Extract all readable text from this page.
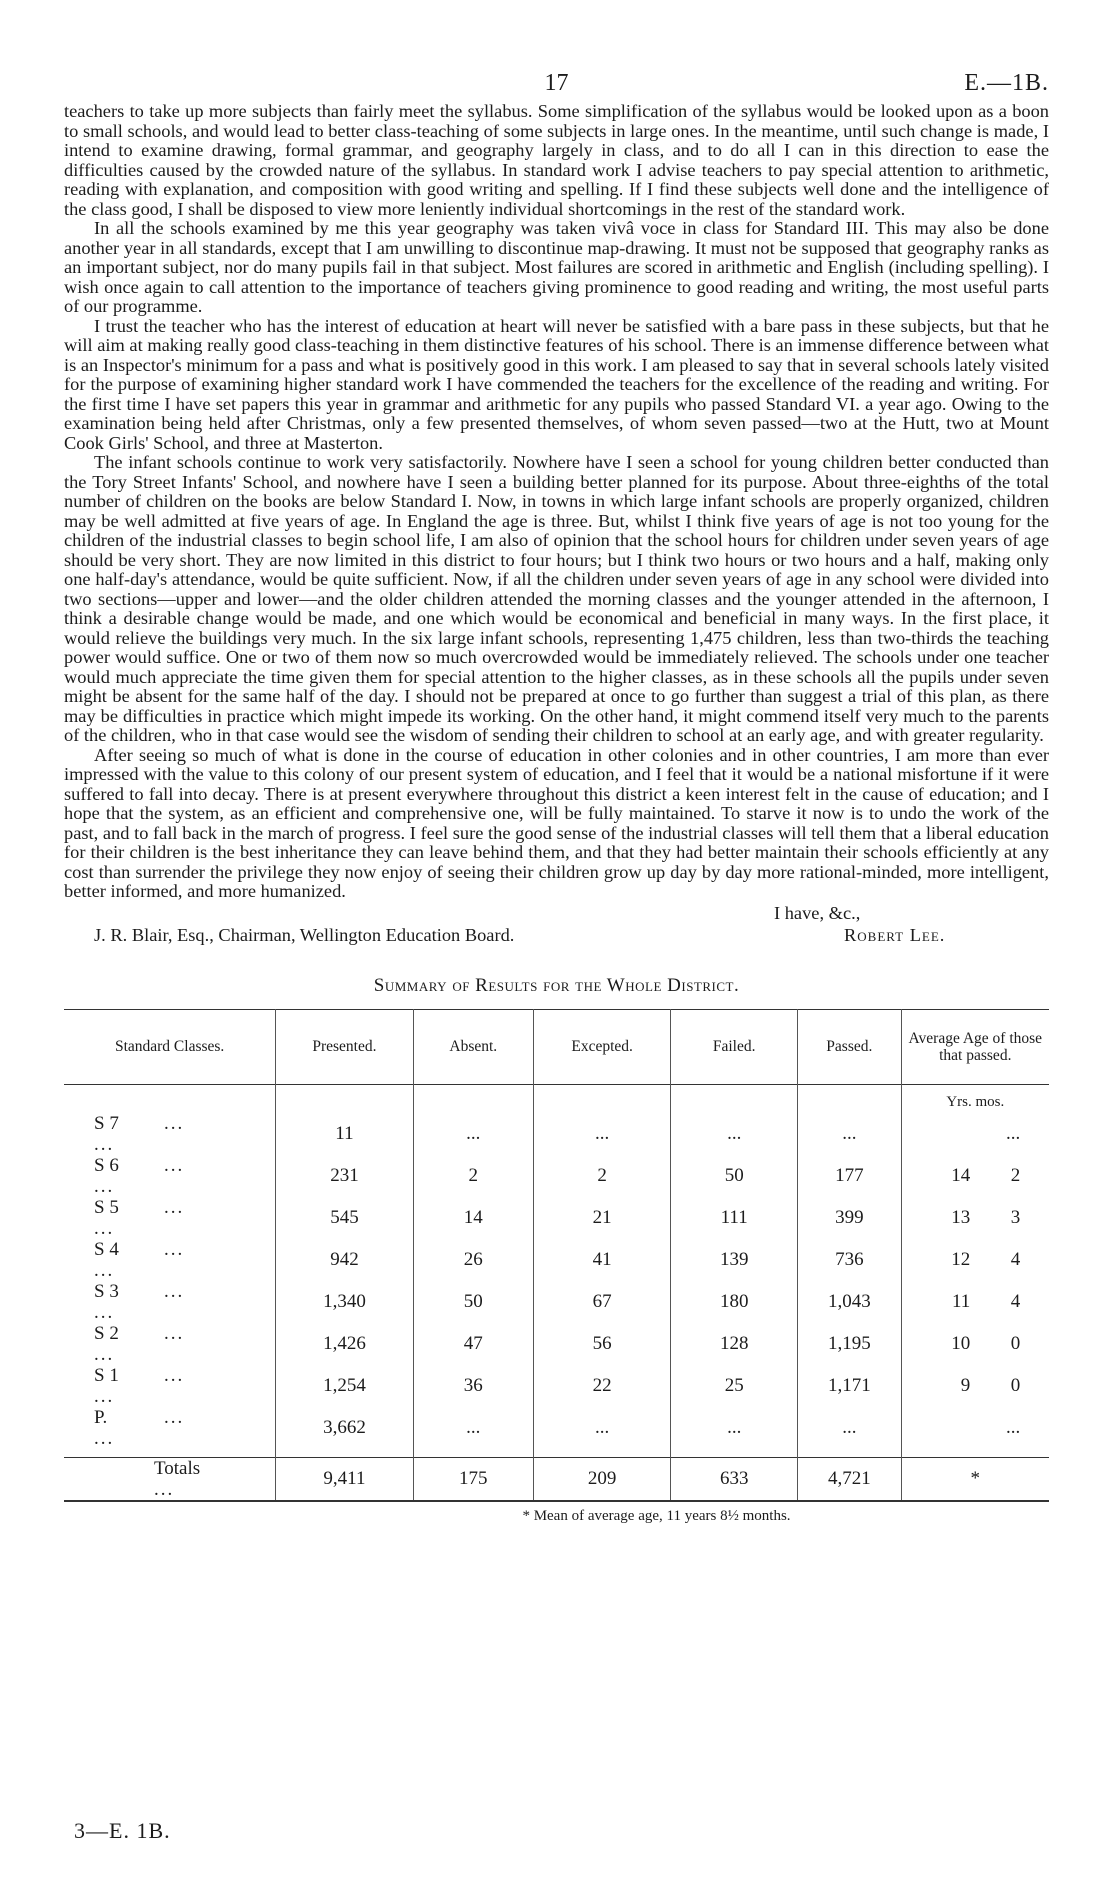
17	E.—1B.

teachers to take up more subjects than fairly meet the syllabus. Some simplification of the syllabus would be looked upon as a boon to small schools, and would lead to better class-teaching of some subjects in large ones. In the meantime, until such change is made, I intend to examine drawing, formal grammar, and geography largely in class, and to do all I can in this direction to ease the difficulties caused by the crowded nature of the syllabus. In standard work I advise teachers to pay special attention to arithmetic, reading with explanation, and composition with good writing and spelling. If I find these subjects well done and the intelligence of the class good, I shall be disposed to view more leniently individual shortcomings in the rest of the standard work.

In all the schools examined by me this year geography was taken vivâ voce in class for Standard III. This may also be done another year in all standards, except that I am unwilling to discontinue map-drawing. It must not be supposed that geography ranks as an important subject, nor do many pupils fail in that subject. Most failures are scored in arithmetic and English (including spelling). I wish once again to call attention to the importance of teachers giving prominence to good reading and writing, the most useful parts of our programme.

I trust the teacher who has the interest of education at heart will never be satisfied with a bare pass in these subjects, but that he will aim at making really good class-teaching in them distinctive features of his school. There is an immense difference between what is an Inspector's minimum for a pass and what is positively good in this work. I am pleased to say that in several schools lately visited for the purpose of examining higher standard work I have commended the teachers for the excellence of the reading and writing. For the first time I have set papers this year in grammar and arithmetic for any pupils who passed Standard VI. a year ago. Owing to the examination being held after Christmas, only a few presented themselves, of whom seven passed—two at the Hutt, two at Mount Cook Girls' School, and three at Masterton.

The infant schools continue to work very satisfactorily. Nowhere have I seen a school for young children better conducted than the Tory Street Infants' School, and nowhere have I seen a building better planned for its purpose. About three-eighths of the total number of children on the books are below Standard I. Now, in towns in which large infant schools are properly organized, children may be well admitted at five years of age. In England the age is three. But, whilst I think five years of age is not too young for the children of the industrial classes to begin school life, I am also of opinion that the school hours for children under seven years of age should be very short. They are now limited in this district to four hours; but I think two hours or two hours and a half, making only one half-day's attendance, would be quite sufficient. Now, if all the children under seven years of age in any school were divided into two sections—upper and lower—and the older children attended the morning classes and the younger attended in the afternoon, I think a desirable change would be made, and one which would be economical and beneficial in many ways. In the first place, it would relieve the buildings very much. In the six large infant schools, representing 1,475 children, less than two-thirds the teaching power would suffice. One or two of them now so much overcrowded would be immediately relieved. The schools under one teacher would much appreciate the time given them for special attention to the higher classes, as in these schools all the pupils under seven might be absent for the same half of the day. I should not be prepared at once to go further than suggest a trial of this plan, as there may be difficulties in practice which might impede its working. On the other hand, it might commend itself very much to the parents of the children, who in that case would see the wisdom of sending their children to school at an early age, and with greater regularity.

After seeing so much of what is done in the course of education in other colonies and in other countries, I am more than ever impressed with the value to this colony of our present system of education, and I feel that it would be a national misfortune if it were suffered to fall into decay. There is at present everywhere throughout this district a keen interest felt in the cause of education; and I hope that the system, as an efficient and comprehensive one, will be fully maintained. To starve it now is to undo the work of the past, and to fall back in the march of progress. I feel sure the good sense of the industrial classes will tell them that a liberal education for their children is the best inheritance they can leave behind them, and that they had better maintain their schools efficiently at any cost than surrender the privilege they now enjoy of seeing their children grow up day by day more rational-minded, more intelligent, better informed, and more humanized.

I have, &c.,
J. R. Blair, Esq., Chairman, Wellington Education Board.	Robert Lee.
Summary of Results for the Whole District.
Standard Classes.	Presented.	Absent.	Excepted.	Failed.	Passed.	Average Age of those that passed.
						Yrs. mos.
S 7 ......	11	...	...	...	...	...
S 6 ......	231	2	2	50	177	14 2
S 5 ......	545	14	21	111	399	13 3
S 4 ......	942	26	41	139	736	12 4
S 3 ......	1,340	50	67	180	1,043	11 4
S 2 ......	1,426	47	56	128	1,195	10 0
S 1 ......	1,254	36	22	25	1,171	9 0
P. ......	3,662	...	...	...	...	...
Totals...	9,411	175	209	633	4,721	*
* Mean of average age, 11 years 8½ months.
3—E. 1B.
